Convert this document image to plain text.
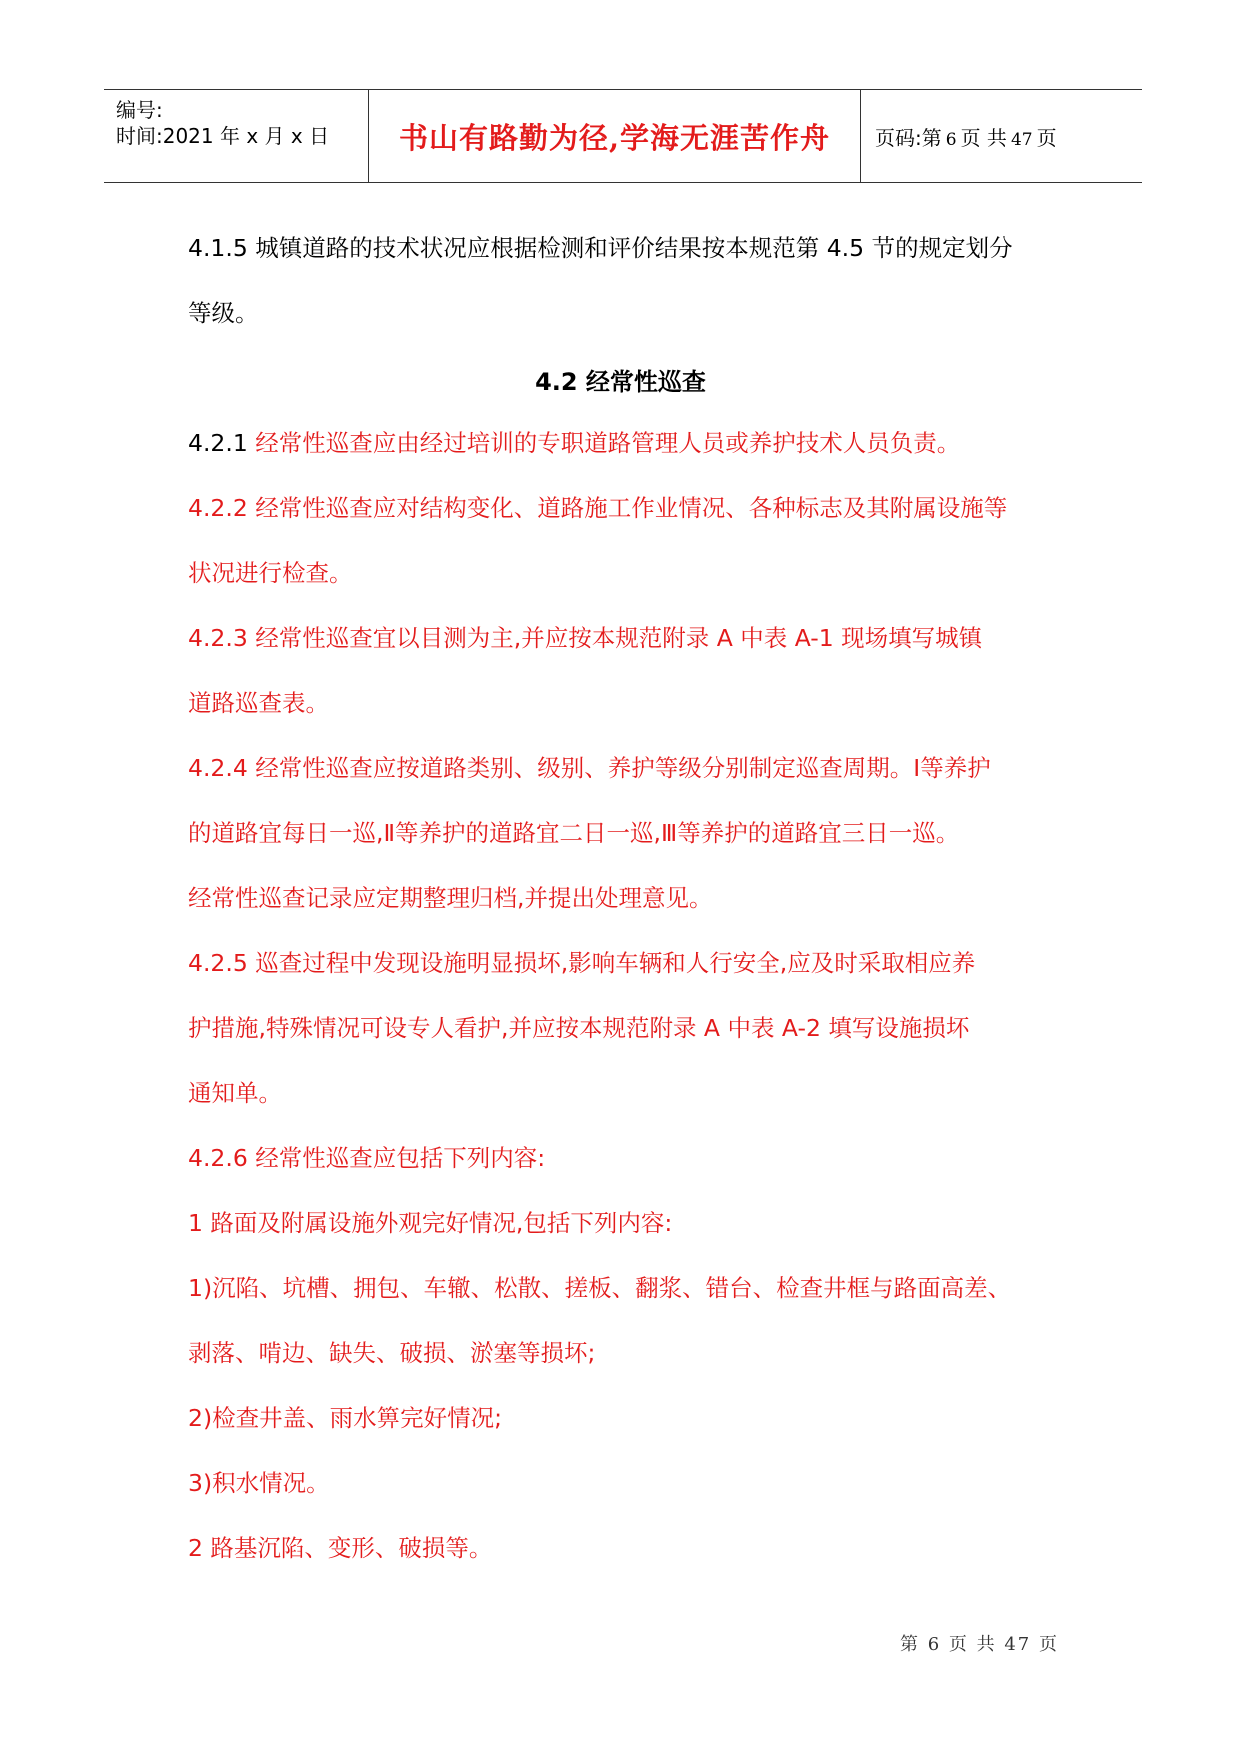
编号:
时间:2021 年 x 月 x 日 书山有路勤为径,学海无涯苦作舟 页码:第 6 页 共 47 页
4.1.5 城镇道路的技术状况应根据检测和评价结果按本规范第 4.5 节的规定划分
等级。
4.2 经常性巡查
4.2.1 经常性巡查应由经过培训的专职道路管理人员或养护技术人员负责。
4.2.2 经常性巡查应对结构变化、道路施工作业情况、各种标志及其附属设施等
状况进行检查。
4.2.3 经常性巡查宜以目测为主,并应按本规范附录 A 中表 A-1 现场填写城镇
道路巡查表。
4.2.4 经常性巡查应按道路类别、级别、养护等级分别制定巡查周期。Ⅰ等养护
的道路宜每日一巡,Ⅱ等养护的道路宜二日一巡,Ⅲ等养护的道路宜三日一巡。
经常性巡查记录应定期整理归档,并提出处理意见。
4.2.5 巡查过程中发现设施明显损坏,影响车辆和人行安全,应及时采取相应养
护措施,特殊情况可设专人看护,并应按本规范附录 A 中表 A-2 填写设施损坏
通知单。
4.2.6 经常性巡查应包括下列内容:
1 路面及附属设施外观完好情况,包括下列内容:
1)沉陷、坑槽、拥包、车辙、松散、搓板、翻浆、错台、检查井框与路面高差、
剥落、啃边、缺失、破损、淤塞等损坏;
2)检查井盖、雨水箅完好情况;
3)积水情况。
2 路基沉陷、变形、破损等。
第 6 页 共 47 页
